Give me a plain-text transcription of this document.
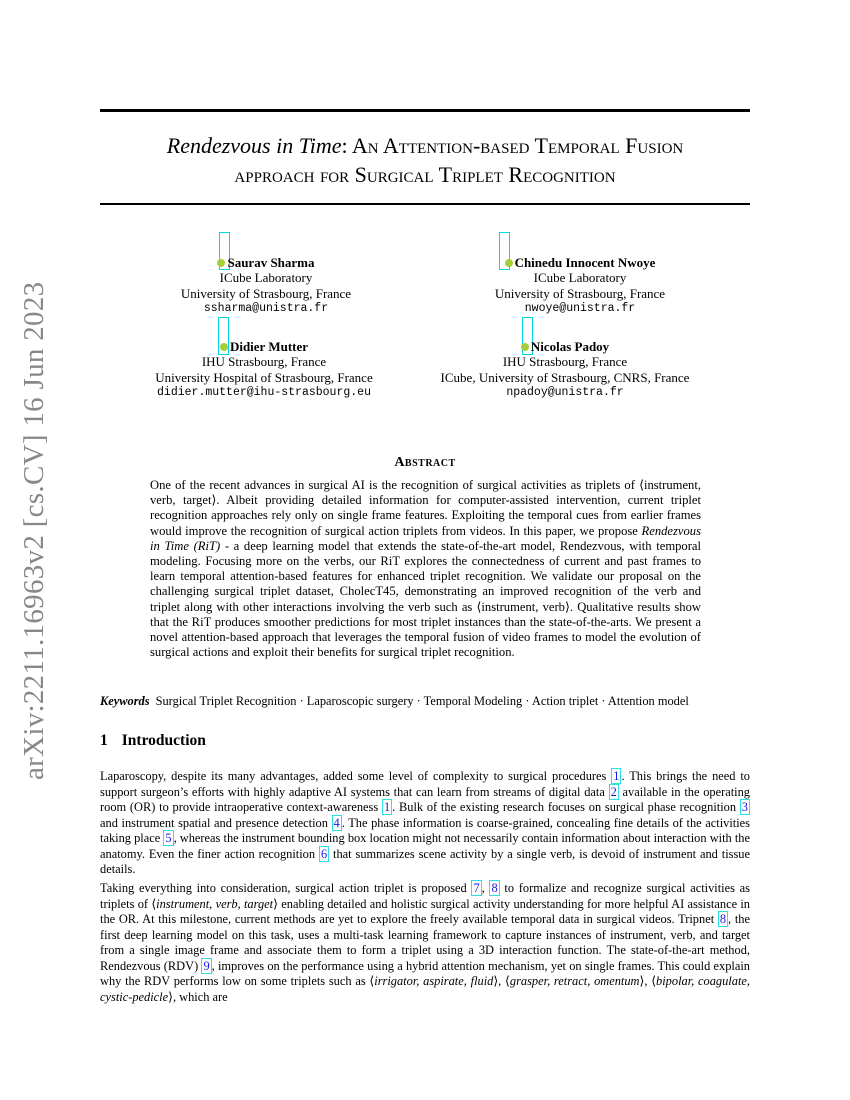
arXiv:2211.16963v2 [cs.CV] 16 Jun 2023
Rendezvous in Time: An Attention-based Temporal Fusion
approach for Surgical Triplet Recognition
Saurav Sharma
ICube Laboratory
University of Strasbourg, France
ssharma@unistra.fr
Chinedu Innocent Nwoye
ICube Laboratory
University of Strasbourg, France
nwoye@unistra.fr
Didier Mutter
IHU Strasbourg, France
University Hospital of Strasbourg, France
didier.mutter@ihu-strasbourg.eu
Nicolas Padoy
IHU Strasbourg, France
ICube, University of Strasbourg, CNRS, France
npadoy@unistra.fr
Abstract
One of the recent advances in surgical AI is the recognition of surgical activities as triplets of ⟨instrument, verb, target⟩. Albeit providing detailed information for computer-assisted intervention, current triplet recognition approaches rely only on single frame features. Exploiting the temporal cues from earlier frames would improve the recognition of surgical action triplets from videos. In this paper, we propose Rendezvous in Time (RiT) - a deep learning model that extends the state-of-the-art model, Rendezvous, with temporal modeling. Focusing more on the verbs, our RiT explores the connectedness of current and past frames to learn temporal attention-based features for enhanced triplet recognition. We validate our proposal on the challenging surgical triplet dataset, CholecT45, demonstrating an improved recognition of the verb and triplet along with other interactions involving the verb such as ⟨instrument, verb⟩. Qualitative results show that the RiT produces smoother predictions for most triplet instances than the state-of-the-arts. We present a novel attention-based approach that leverages the temporal fusion of video frames to model the evolution of surgical actions and exploit their benefits for surgical triplet recognition.
Keywords Surgical Triplet Recognition · Laparoscopic surgery · Temporal Modeling · Action triplet · Attention model
1 Introduction

Laparoscopy, despite its many advantages, added some level of complexity to surgical procedures 1 . This brings the need to support surgeon’s efforts with highly adaptive AI systems that can learn from streams of digital data 2 available in the operating room (OR) to provide intraoperative context-awareness 1 . Bulk of the existing research focuses on surgical phase recognition 3 and instrument spatial and presence detection 4 . The phase information is coarse-grained, concealing fine details of the activities taking place 5 , whereas the instrument bounding box location might not necessarily contain information about interaction with the anatomy. Even the finer action recognition 6 that summarizes scene activity by a single verb, is devoid of instrument and tissue details.

Taking everything into consideration, surgical action triplet is proposed 7 , 8 to formalize and recognize surgical activities as triplets of ⟨instrument, verb, target⟩ enabling detailed and holistic surgical activity understanding for more helpful AI assistance in the OR. At this milestone, current methods are yet to explore the freely available temporal data in surgical videos. Tripnet 8 , the first deep learning model on this task, uses a multi-task learning framework to capture instances of instrument, verb, and target from a single image frame and associate them to form a triplet using a 3D interaction function. The state-of-the-art method, Rendezvous (RDV) 9 , improves on the performance using a hybrid attention mechanism, yet on single frames. This could explain why the RDV performs low on some triplets such as ⟨irrigator, aspirate, fluid⟩, ⟨grasper, retract, omentum⟩, ⟨bipolar, coagulate, cystic-pedicle⟩, which are
